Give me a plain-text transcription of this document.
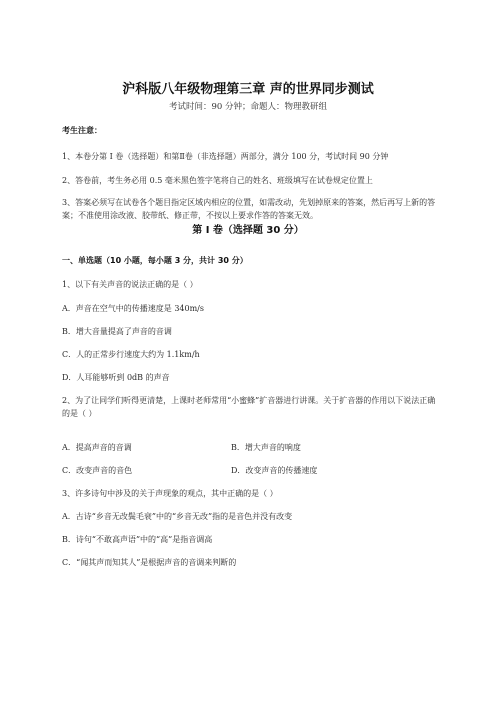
沪科版八年级物理第三章 声的世界同步测试
考试时间：90 分钟；命题人：物理教研组
考生注意：
1、本卷分第 I 卷（选择题）和第Ⅱ卷（非选择题）两部分，满分 100 分，考试时间 90 分钟
2、答卷前，考生务必用 0.5 毫米黑色签字笔将自己的姓名、班级填写在试卷规定位置上
3、答案必须写在试卷各个题目指定区域内相应的位置，如需改动，先划掉原来的答案，然后再写上新的答案；不准使用涂改液、胶带纸、修正带，不按以上要求作答的答案无效。
第 I 卷（选择题 30 分）
一、单选题（10 小题，每小题 3 分，共计 30 分）
1、以下有关声音的说法正确的是（ ）
A．声音在空气中的传播速度是 340m/s
B．增大音量提高了声音的音调
C．人的正常步行速度大约为 1.1km/h
D．人耳能够听到 0dB 的声音
2、为了让同学们听得更清楚，上课时老师常用“小蜜蜂”扩音器进行讲课。关于扩音器的作用以下说法正确的是（ ）
A．提高声音的音调	B．增大声音的响度
C．改变声音的音色	D．改变声音的传播速度
3、许多诗句中涉及的关于声现象的观点，其中正确的是（ ）
A．古诗“乡音无改鬓毛衰”中的“乡音无改”指的是音色并没有改变
B．诗句“不敢高声语”中的“高”是指音调高
C．“闻其声而知其人”是根据声音的音调来判断的
